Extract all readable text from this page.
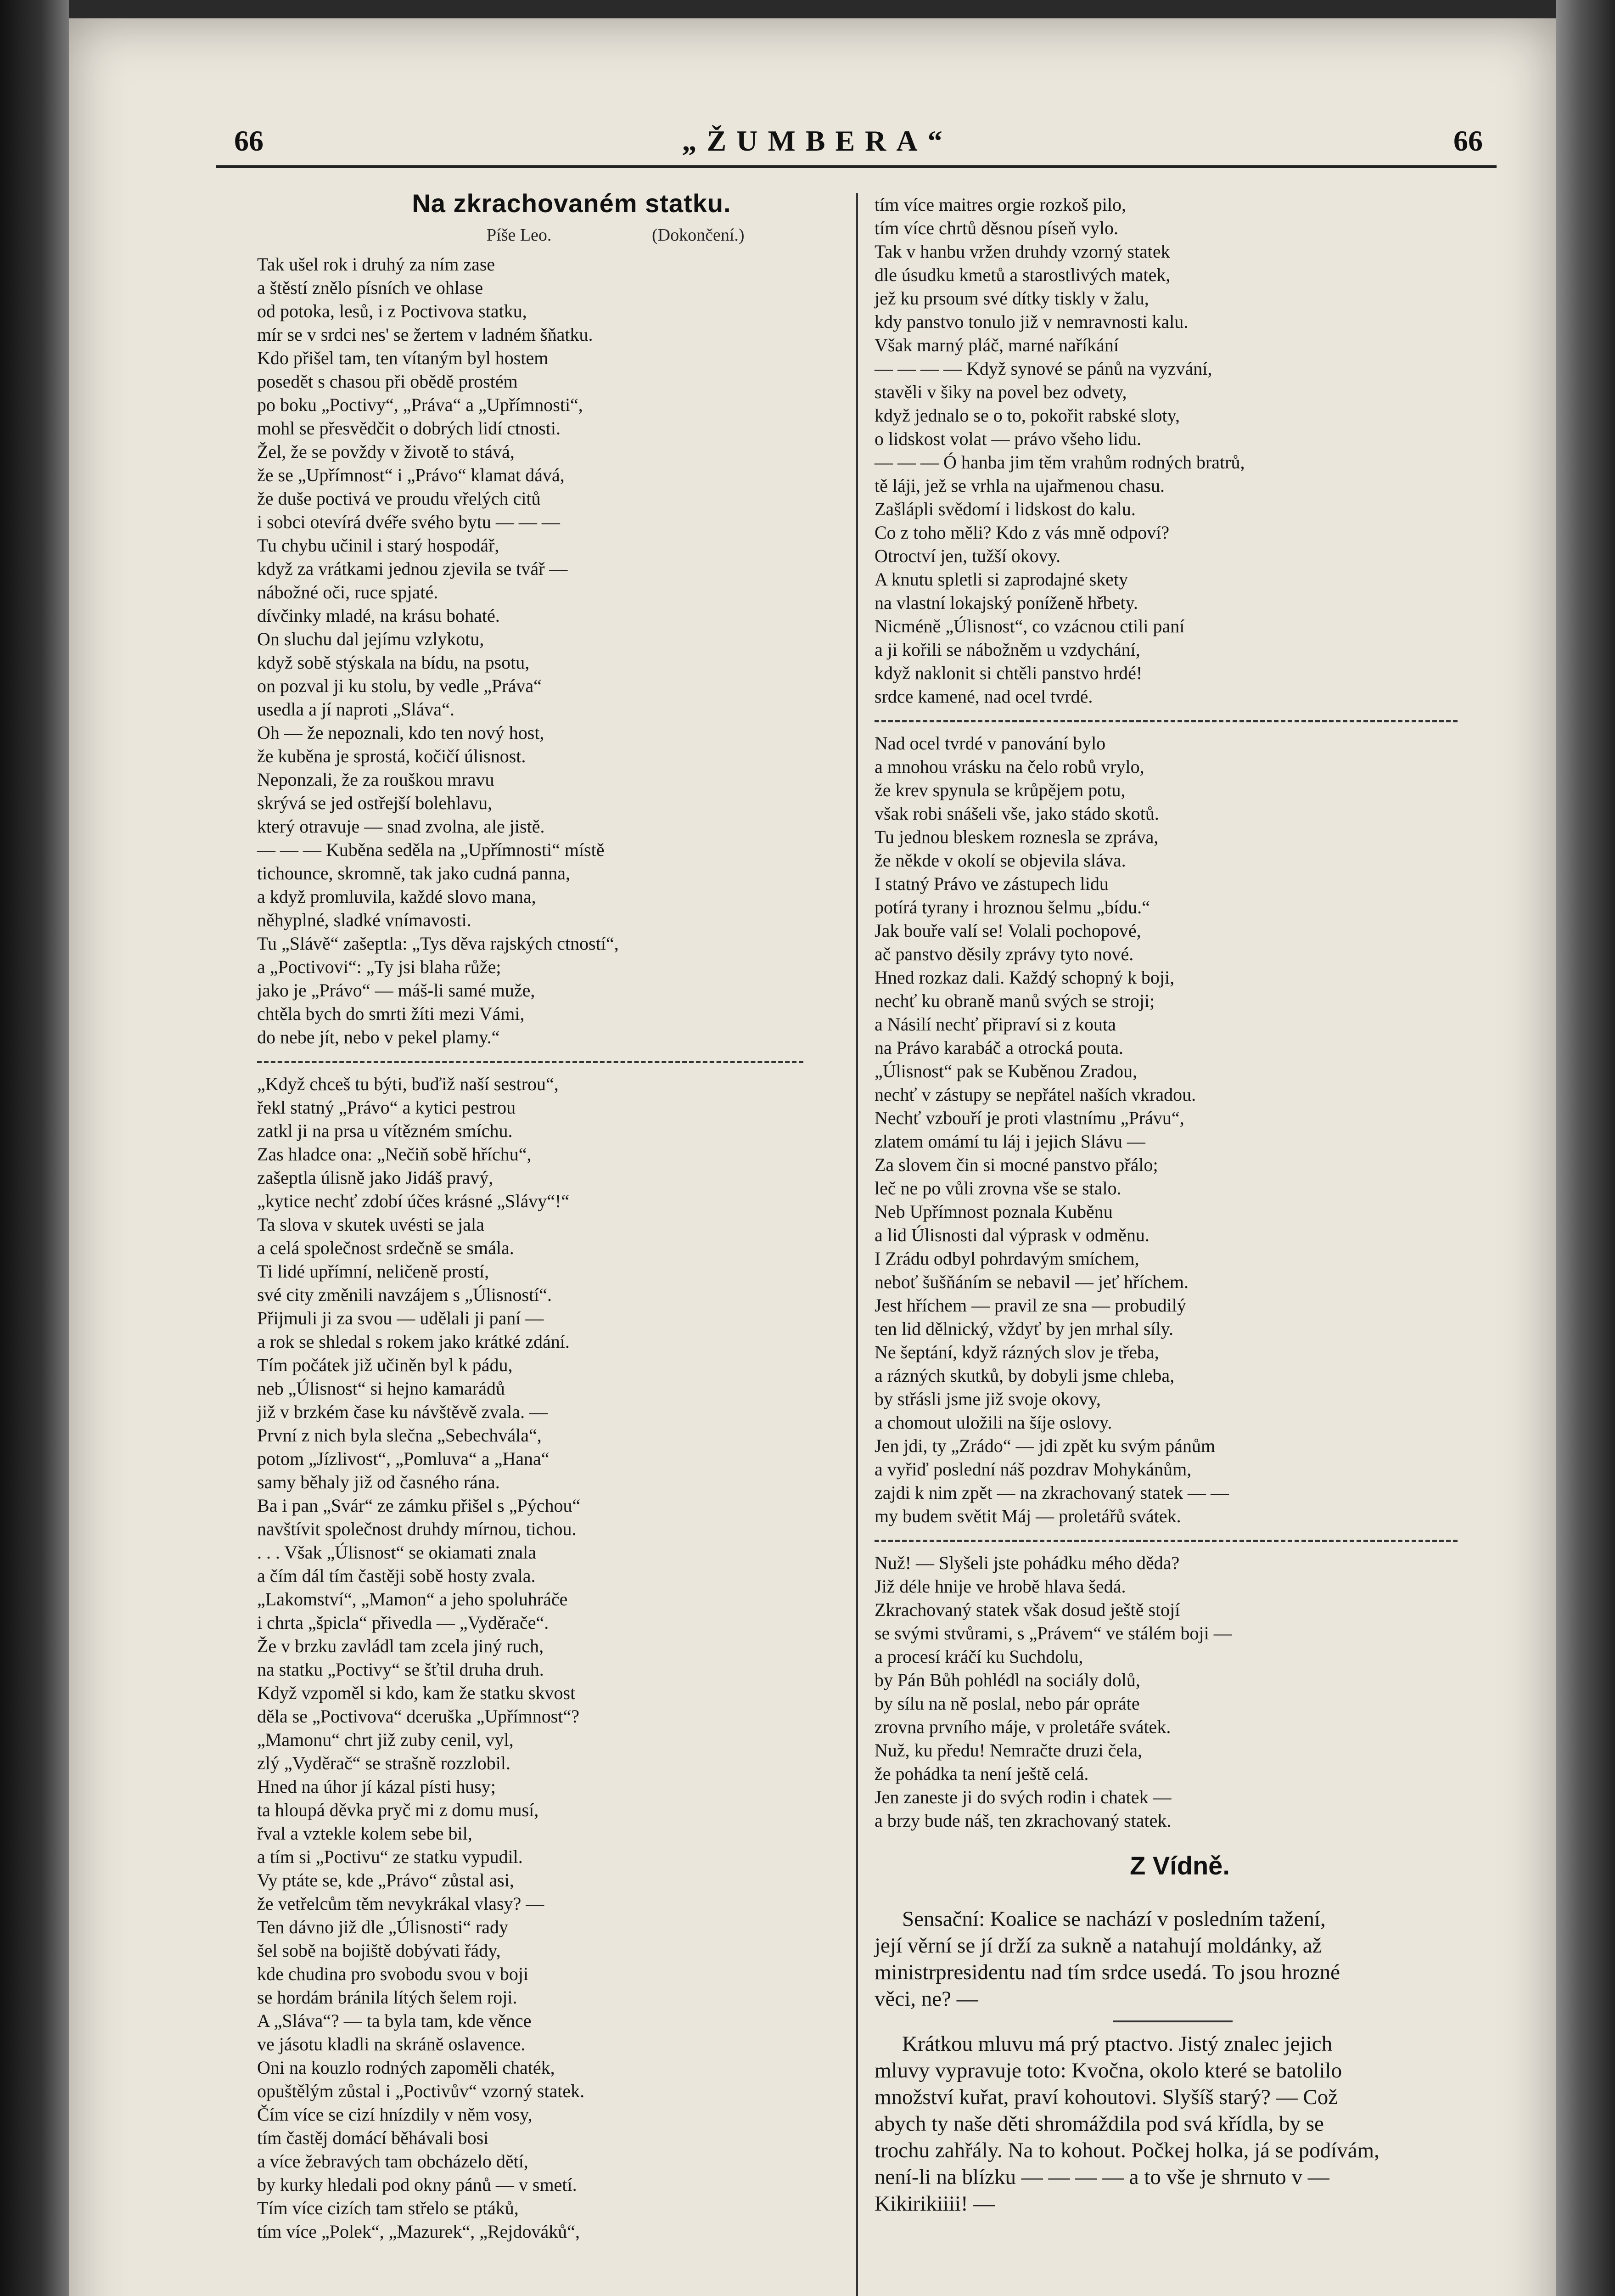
66	„ŽUMBERA“	66
Na zkrachovaném statku.
Píše Leo.	(Dokončení.)
Tak ušel rok i druhý za ním zase
a štěstí znělo písních ve ohlase
od potoka, lesů, i z Poctivova statku,
mír se v srdci nes' se žertem v ladném šňatku.
Kdo přišel tam, ten vítaným byl hostem
posedět s chasou při obědě prostém
po boku „Poctivy“, „Práva“ a „Upřímnosti“,
mohl se přesvědčit o dobrých lidí ctnosti.
Žel, že se povždy v životě to stává,
že se „Upřímnost“ i „Právo“ klamat dává,
že duše poctivá ve proudu vřelých citů
i sobci otevírá dvéře svého bytu — — —
Tu chybu učinil i starý hospodář,
když za vrátkami jednou zjevila se tvář —
nábožné oči, ruce spjaté.
dívčinky mladé, na krásu bohaté.
On sluchu dal jejímu vzlykotu,
když sobě stýskala na bídu, na psotu,
on pozval ji ku stolu, by vedle „Práva“
usedla a jí naproti „Sláva“.
Oh — že nepoznali, kdo ten nový host,
že kuběna je sprostá, kočičí úlisnost.
Neponzali, že za rouškou mravu
skrývá se jed ostřejší bolehlavu,
který otravuje — snad zvolna, ale jistě.
— — — Kuběna seděla na „Upřímnosti“ místě
tichounce, skromně, tak jako cudná panna,
a když promluvila, každé slovo mana,
něhyplné, sladké vnímavosti.
Tu „Slávě“ zašeptla: „Tys děva rajských ctností“,
a „Poctivovi“: „Ty jsi blaha růže;
jako je „Právo“ — máš-li samé muže,
chtěla bych do smrti žíti mezi Vámi,
do nebe jít, nebo v pekel plamy.“
„Když chceš tu býti, buďiž naší sestrou“,
řekl statný „Právo“ a kytici pestrou
zatkl ji na prsa u vítězném smíchu.
Zas hladce ona: „Nečiň sobě hříchu“,
zašeptla úlisně jako Jidáš pravý,
„kytice nechť zdobí účes krásné „Slávy“!“
Ta slova v skutek uvésti se jala
a celá společnost srdečně se smála.
Ti lidé upřímní, neličeně prostí,
své city změnili navzájem s „Úlisností“.
Přijmuli ji za svou — udělali ji paní —
a rok se shledal s rokem jako krátké zdání.
Tím počátek již učiněn byl k pádu,
neb „Úlisnost“ si hejno kamarádů
již v brzkém čase ku návštěvě zvala. —
První z nich byla slečna „Sebechvála“,
potom „Jízlivost“, „Pomluva“ a „Hana“
samy běhaly již od časného rána.
Ba i pan „Svár“ ze zámku přišel s „Pýchou“
navštívit společnost druhdy mírnou, tichou.
. . . Však „Úlisnost“ se okiamati znala
a čím dál tím častěji sobě hosty zvala.
„Lakomství“, „Mamon“ a jeho spoluhráče
i chrta „špicla“ přivedla — „Vyděrače“.
Že v brzku zavládl tam zcela jiný ruch,
na statku „Poctivy“ se šťtil druha druh.
Když vzpoměl si kdo, kam že statku skvost
děla se „Poctivova“ dceruška „Upřímnost“?
„Mamonu“ chrt již zuby cenil, vyl,
zlý „Vyděrač“ se strašně rozzlobil.
Hned na úhor jí kázal písti husy;
ta hloupá děvka pryč mi z domu musí,
řval a vztekle kolem sebe bil,
a tím si „Poctivu“ ze statku vypudil.
Vy ptáte se, kde „Právo“ zůstal asi,
že vetřelcům těm nevykrákal vlasy? —
Ten dávno již dle „Úlisnosti“ rady
šel sobě na bojiště dobývati řády,
kde chudina pro svobodu svou v boji
se hordám bránila lítých šelem roji.
A „Sláva“? — ta byla tam, kde věnce
ve jásotu kladli na skráně oslavence.
Oni na kouzlo rodných zapoměli chaték,
opuštělým zůstal i „Poctivův“ vzorný statek.
Čím více se cizí hnízdily v něm vosy,
tím častěj domácí běhávali bosi
a více žebravých tam obcházelo dětí,
by kurky hledali pod okny pánů — v smetí.
Tím více cizích tam střelo se ptáků,
tím více „Polek“, „Mazurek“, „Rejdováků“,
tím více maitres orgie rozkoš pilo,
tím více chrtů děsnou píseň vylo.
Tak v hanbu vržen druhdy vzorný statek
dle úsudku kmetů a starostlivých matek,
jež ku prsoum své dítky tiskly v žalu,
kdy panstvo tonulo již v nemravnosti kalu.
Však marný pláč, marné naříkání
— — — — Když synové se pánů na vyzvání,
stavěli v šiky na povel bez odvety,
když jednalo se o to, pokořit rabské sloty,
o lidskost volat — právo všeho lidu.
— — — Ó hanba jim těm vrahům rodných bratrů,
tě láji, jež se vrhla na ujařmenou chasu.
Zašlápli svědomí i lidskost do kalu.
Co z toho měli? Kdo z vás mně odpoví?
Otroctví jen, tužší okovy.
A knutu spletli si zaprodajné skety
na vlastní lokajský poníženě hřbety.
Nicméně „Úlisnost“, co vzácnou ctili paní
a ji kořili se nábožněm u vzdychání,
když naklonit si chtěli panstvo hrdé!
srdce kamené, nad ocel tvrdé.
Nad ocel tvrdé v panování bylo
a mnohou vrásku na čelo robů vrylo,
že krev spynula se krůpějem potu,
však robi snášeli vše, jako stádo skotů.
Tu jednou bleskem roznesla se zpráva,
že někde v okolí se objevila sláva.
I statný Právo ve zástupech lidu
potírá tyrany i hroznou šelmu „bídu.“
Jak bouře valí se! Volali pochopové,
ač panstvo děsily zprávy tyto nové.
Hned rozkaz dali. Každý schopný k boji,
nechť ku obraně manů svých se stroji;
a Násilí nechť připraví si z kouta
na Právo karabáč a otrocká pouta.
„Úlisnost“ pak se Kuběnou Zradou,
nechť v zástupy se nepřátel naších vkradou.
Nechť vzbouří je proti vlastnímu „Právu“,
zlatem omámí tu láj i jejich Slávu —
Za slovem čin si mocné panstvo přálo;
leč ne po vůli zrovna vše se stalo.
Neb Upřímnost poznala Kuběnu
a lid Úlisnosti dal výprask v odměnu.
I Zrádu odbyl pohrdavým smíchem,
neboť šušňáním se nebavil — jeť hříchem.
Jest hříchem — pravil ze sna — probudilý
ten lid dělnický, vždyť by jen mrhal síly.
Ne šeptání, když rázných slov je třeba,
a rázných skutků, by dobyli jsme chleba,
by střásli jsme již svoje okovy,
a chomout uložili na šíje oslovy.
Jen jdi, ty „Zrádo“ — jdi zpět ku svým pánům
a vyřiď poslední náš pozdrav Mohykánům,
zajdi k nim zpět — na zkrachovaný statek — —
my budem světit Máj — proletářů svátek.
Nuž! — Slyšeli jste pohádku mého děda?
Již déle hnije ve hrobě hlava šedá.
Zkrachovaný statek však dosud ještě stojí
se svými stvůrami, s „Právem“ ve stálém boji —
a procesí kráčí ku Suchdolu,
by Pán Bůh pohlédl na sociály dolů,
by sílu na ně poslal, nebo pár opráte
zrovna prvního máje, v proletáře svátek.
Nuž, ku předu! Nemračte druzi čela,
že pohádka ta není ještě celá.
Jen zaneste ji do svých rodin i chatek —
a brzy bude náš, ten zkrachovaný statek.
Z Vídně.
Sensační: Koalice se nachází v posledním tažení,
její věrní se jí drží za sukně a natahují moldánky, až
ministrpresidentu nad tím srdce usedá. To jsou hrozné
věci, ne? —
Krátkou mluvu má prý ptactvo. Jistý znalec jejich
mluvy vypravuje toto: Kvočna, okolo které se batolilo
množství kuřat, praví kohoutovi. Slyšíš starý? — Což
abych ty naše děti shromáždila pod svá křídla, by se
trochu zahřály. Na to kohout. Počkej holka, já se podívám,
není-li na blízku — — — — a to vše je shrnuto v —
Kikirikiiii! —
